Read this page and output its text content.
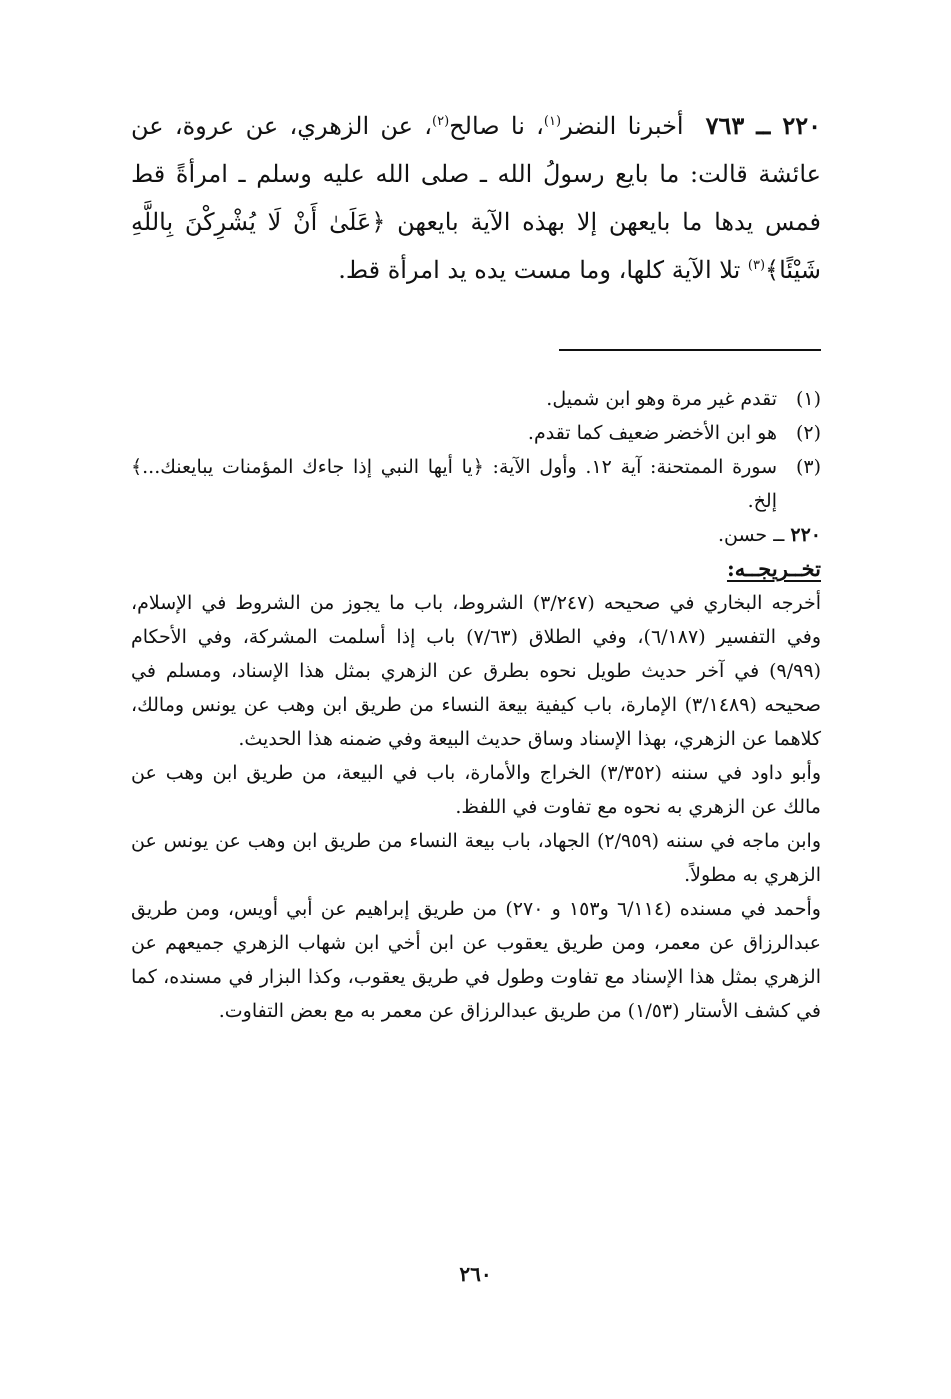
٢٢٠ ــ ٧٦٣أخبرنا النضر$^{(١)}$، نا صالح$^{(٢)}$، عن الزهري، عن عروة، عن عائشة قالت: ما بايع رسولُ الله ـ صلى الله عليه وسلم ـ امرأةً قط فمس يدها ما بايعهن إلا بهذه الآية بايعهن ﴿عَلَىٰ أَنْ لَا يُشْرِكْنَ بِاللَّهِ شَيْئًا﴾$^{(٣)}$ تلا الآية كلها، وما مست يده يد امرأة قط.
(١)
تقدم غير مرة وهو ابن شميل.
(٢)
هو ابن الأخضر ضعيف كما تقدم.
(٣)
سورة الممتحنة: آية ١٢. وأول الآية: ﴿يا أيها النبي إذا جاءك المؤمنات يبايعنك...﴾ إلخ.
٢٢٠ ــ حسن.
تخــريجــه:
أخرجه البخاري في صحيحه (٣/٢٤٧) الشروط، باب ما يجوز من الشروط في الإسلام، وفي التفسير (٦/١٨٧)، وفي الطلاق (٧/٦٣) باب إذا أسلمت المشركة، وفي الأحكام (٩/٩٩) في آخر حديث طويل نحوه بطرق عن الزهري بمثل هذا الإسناد، ومسلم في صحيحه (٣/١٤٨٩) الإمارة، باب كيفية بيعة النساء من طريق ابن وهب عن يونس ومالك، كلاهما عن الزهري، بهذا الإسناد وساق حديث البيعة وفي ضمنه هذا الحديث.
وأبو داود في سننه (٣/٣٥٢) الخراج والأمارة، باب في البيعة، من طريق ابن وهب عن مالك عن الزهري به نحوه مع تفاوت في اللفظ.
وابن ماجه في سننه (٢/٩٥٩) الجهاد، باب بيعة النساء من طريق ابن وهب عن يونس عن الزهري به مطولاً.
وأحمد في مسنده (٦/١١٤ و١٥٣ و ٢٧٠) من طريق إبراهيم عن أبي أويس، ومن طريق عبدالرزاق عن معمر، ومن طريق يعقوب عن ابن أخي ابن شهاب الزهري جميعهم عن الزهري بمثل هذا الإسناد مع تفاوت وطول في طريق يعقوب، وكذا البزار في مسنده، كما في كشف الأستار (١/٥٣) من طريق عبدالرزاق عن معمر به مع بعض التفاوت.
٢٦٠
